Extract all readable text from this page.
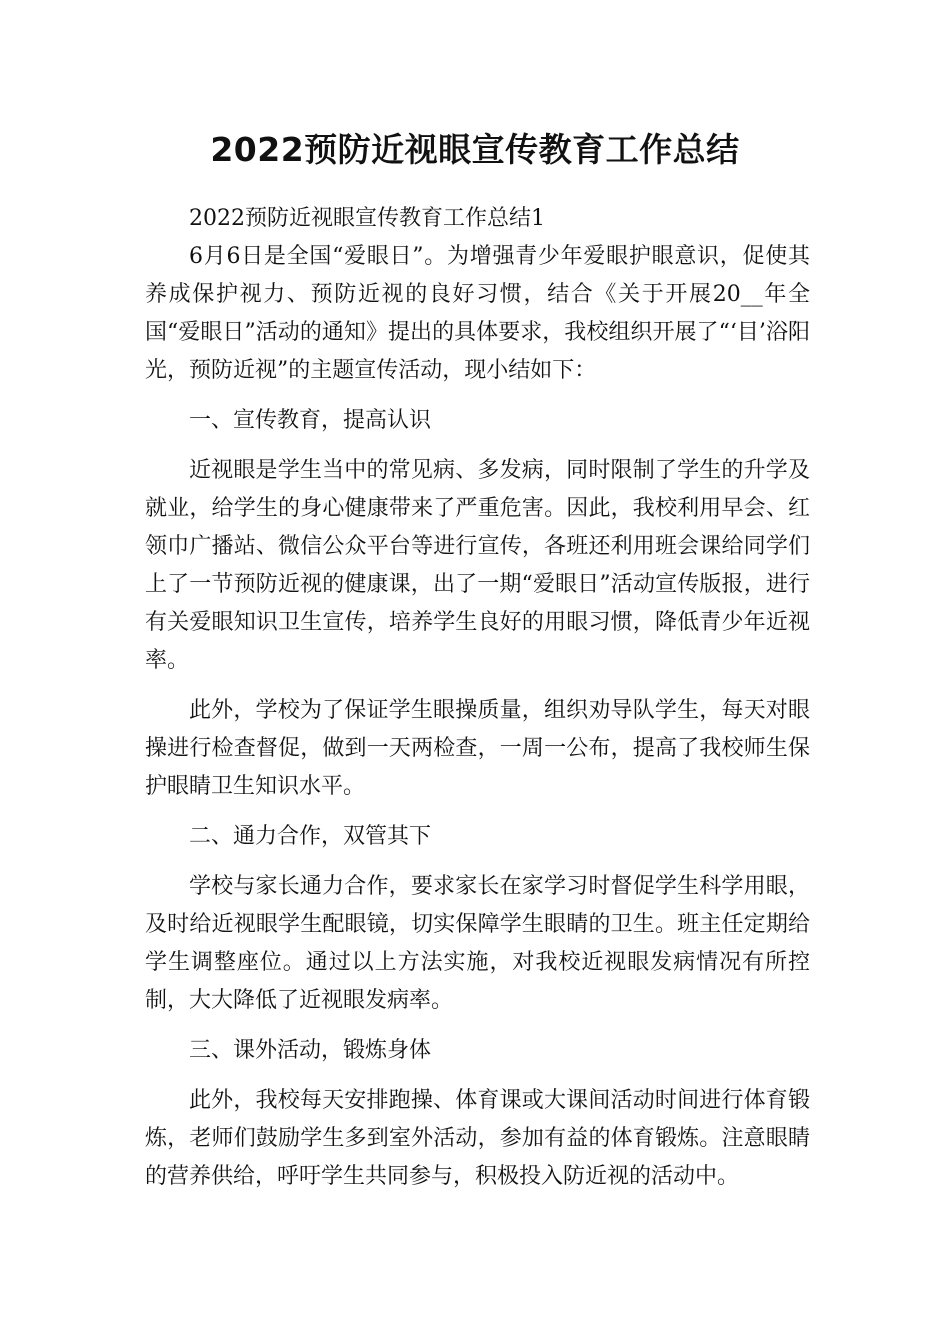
2022预防近视眼宣传教育工作总结

2022预防近视眼宣传教育工作总结1

6月6日是全国“爱眼日”。为增强青少年爱眼护眼意识，促使其养成保护视力、预防近视的良好习惯，结合《关于开展20__年全国“爱眼日”活动的通知》提出的具体要求，我校组织开展了“‘目’浴阳光，预防近视”的主题宣传活动，现小结如下：

一、宣传教育，提高认识

近视眼是学生当中的常见病、多发病，同时限制了学生的升学及就业，给学生的身心健康带来了严重危害。因此，我校利用早会、红领巾广播站、微信公众平台等进行宣传，各班还利用班会课给同学们上了一节预防近视的健康课，出了一期“爱眼日”活动宣传版报，进行有关爱眼知识卫生宣传，培养学生良好的用眼习惯，降低青少年近视率。

此外，学校为了保证学生眼操质量，组织劝导队学生，每天对眼操进行检查督促，做到一天两检查，一周一公布，提高了我校师生保护眼睛卫生知识水平。

二、通力合作，双管其下

学校与家长通力合作，要求家长在家学习时督促学生科学用眼，及时给近视眼学生配眼镜，切实保障学生眼睛的卫生。班主任定期给学生调整座位。通过以上方法实施，对我校近视眼发病情况有所控制，大大降低了近视眼发病率。

三、课外活动，锻炼身体

此外，我校每天安排跑操、体育课或大课间活动时间进行体育锻炼，老师们鼓励学生多到室外活动，参加有益的体育锻炼。注意眼睛的营养供给，呼吁学生共同参与，积极投入防近视的活动中。
